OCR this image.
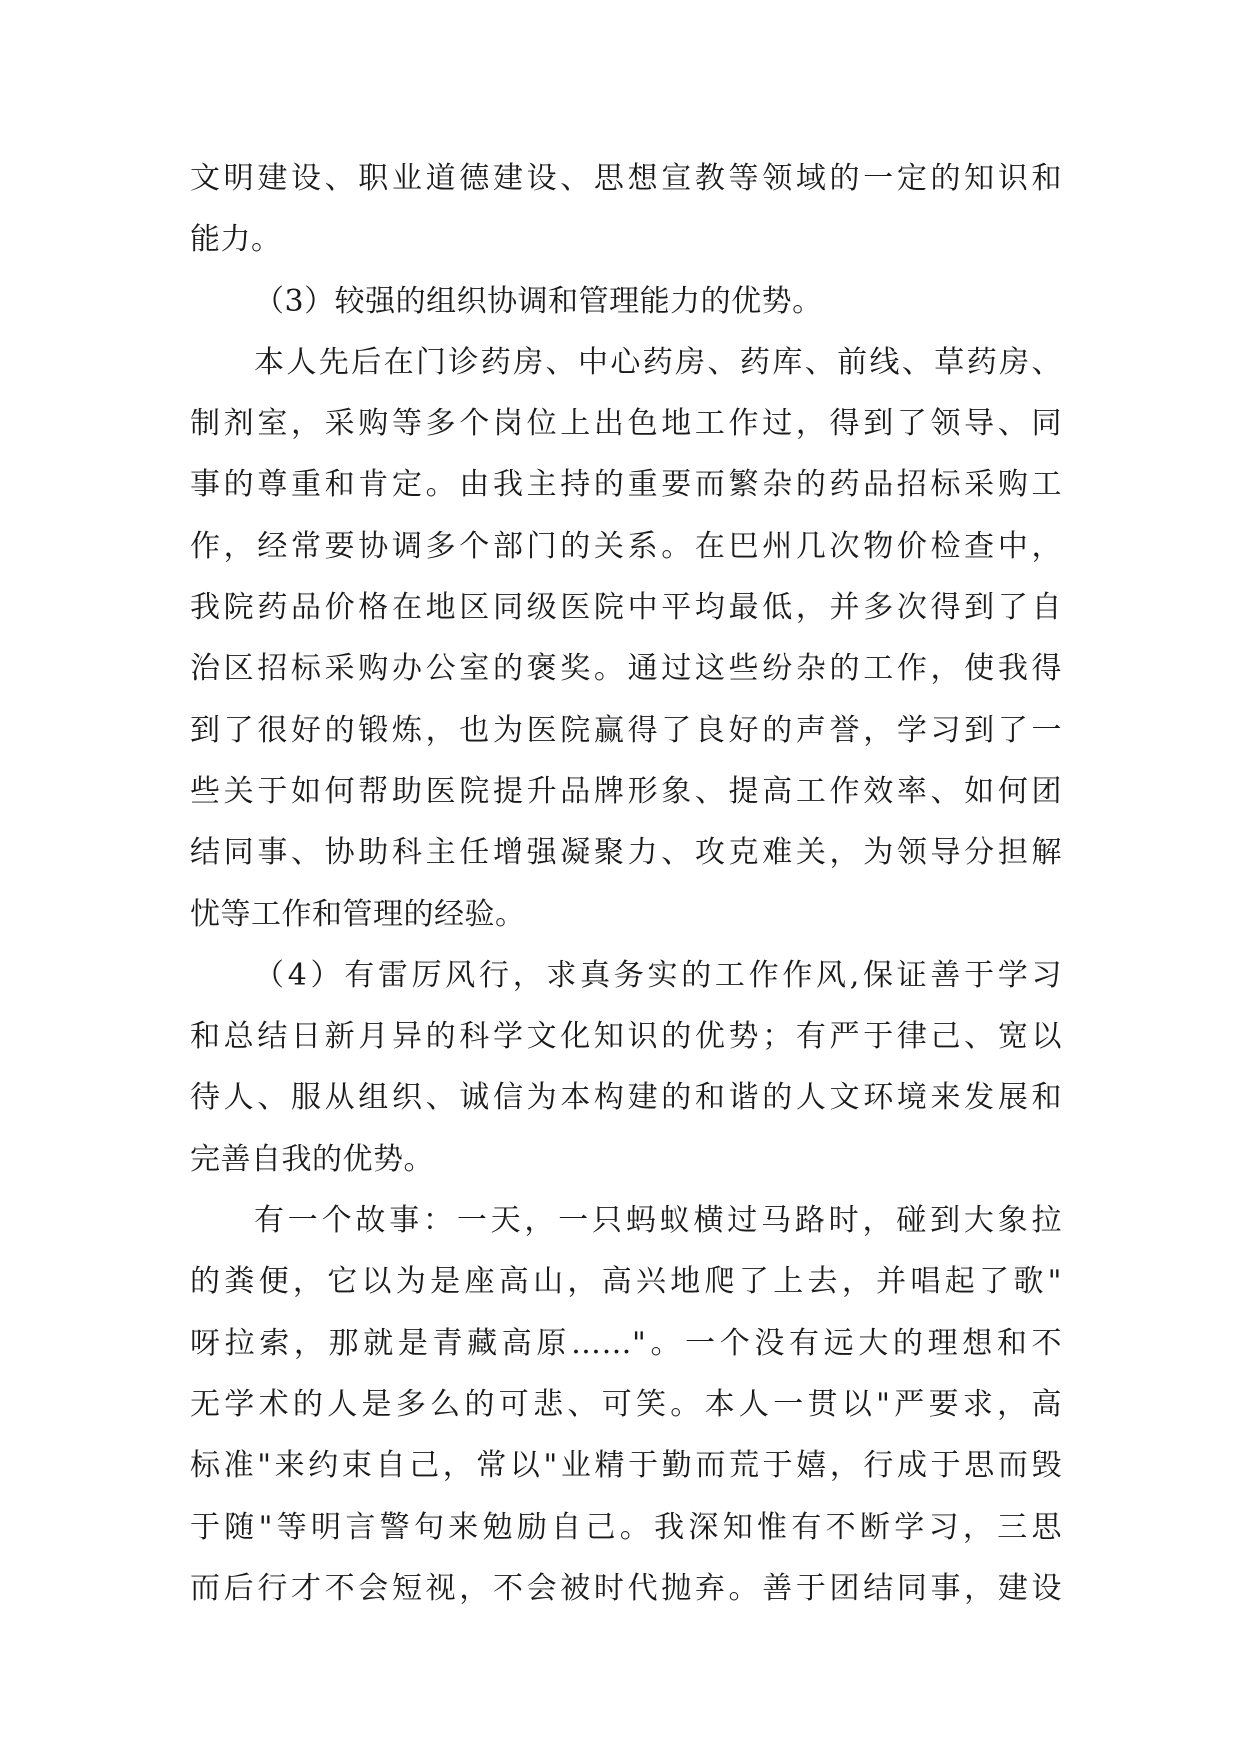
文明建设、职业道德建设、思想宣教等领域的一定的知识和
能力。
（3）较强的组织协调和管理能力的优势。
本人先后在门诊药房、中心药房、药库、前线、草药房、
制剂室，采购等多个岗位上出色地工作过，得到了领导、同
事的尊重和肯定。由我主持的重要而繁杂的药品招标采购工
作，经常要协调多个部门的关系。在巴州几次物价检查中，
我院药品价格在地区同级医院中平均最低，并多次得到了自
治区招标采购办公室的褒奖。通过这些纷杂的工作，使我得
到了很好的锻炼，也为医院赢得了良好的声誉，学习到了一
些关于如何帮助医院提升品牌形象、提高工作效率、如何团
结同事、协助科主任增强凝聚力、攻克难关，为领导分担解
忧等工作和管理的经验。
（4）有雷厉风行，求真务实的工作作风,保证善于学习
和总结日新月异的科学文化知识的优势；有严于律己、宽以
待人、服从组织、诚信为本构建的和谐的人文环境来发展和
完善自我的优势。
有一个故事：一天，一只蚂蚁横过马路时，碰到大象拉
的粪便，它以为是座高山，高兴地爬了上去，并唱起了歌"
呀拉索，那就是青藏高原……"。一个没有远大的理想和不
无学术的人是多么的可悲、可笑。本人一贯以"严要求，高
标准"来约束自己，常以"业精于勤而荒于嬉，行成于思而毁
于随"等明言警句来勉励自己。我深知惟有不断学习，三思
而后行才不会短视，不会被时代抛弃。善于团结同事，建设
